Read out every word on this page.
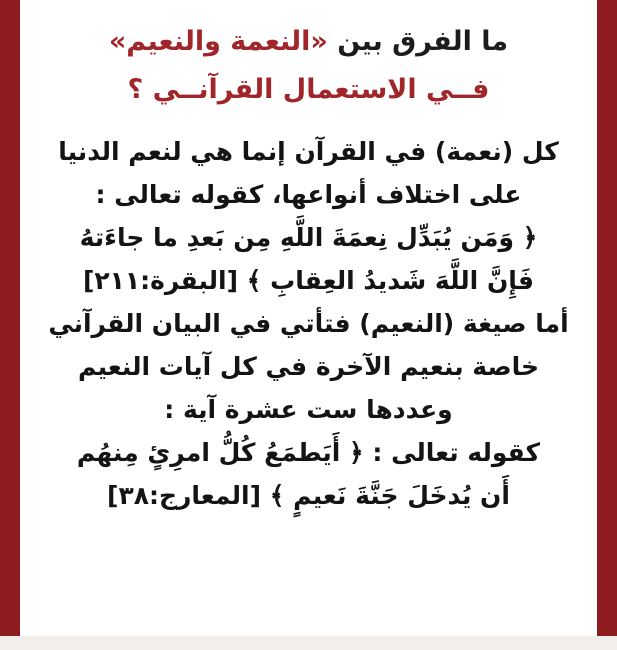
ما الفرق بين «النعمة والنعيم»

فــي الاستعمال القرآنــي ؟

كل (نعمة) في القرآن إنما هي لنعم الدنيا

على اختلاف أنواعها، كقوله تعالى :

﴿ وَمَن يُبَدِّل نِعمَةَ اللَّهِ مِن بَعدِ ما جاءَتهُ

فَإِنَّ اللَّهَ شَديدُ العِقابِ ﴾ [البقرة:٢١١]

أما صيغة (النعيم) فتأتي في البيان القرآني

خاصة بنعيم الآخرة في كل آيات النعيم

وعددها ست عشرة آية :

كقوله تعالى : ﴿ أَيَطمَعُ كُلُّ امرِئٍ مِنهُم

أَن يُدخَلَ جَنَّةَ نَعيمٍ ﴾ [المعارج:٣٨]
